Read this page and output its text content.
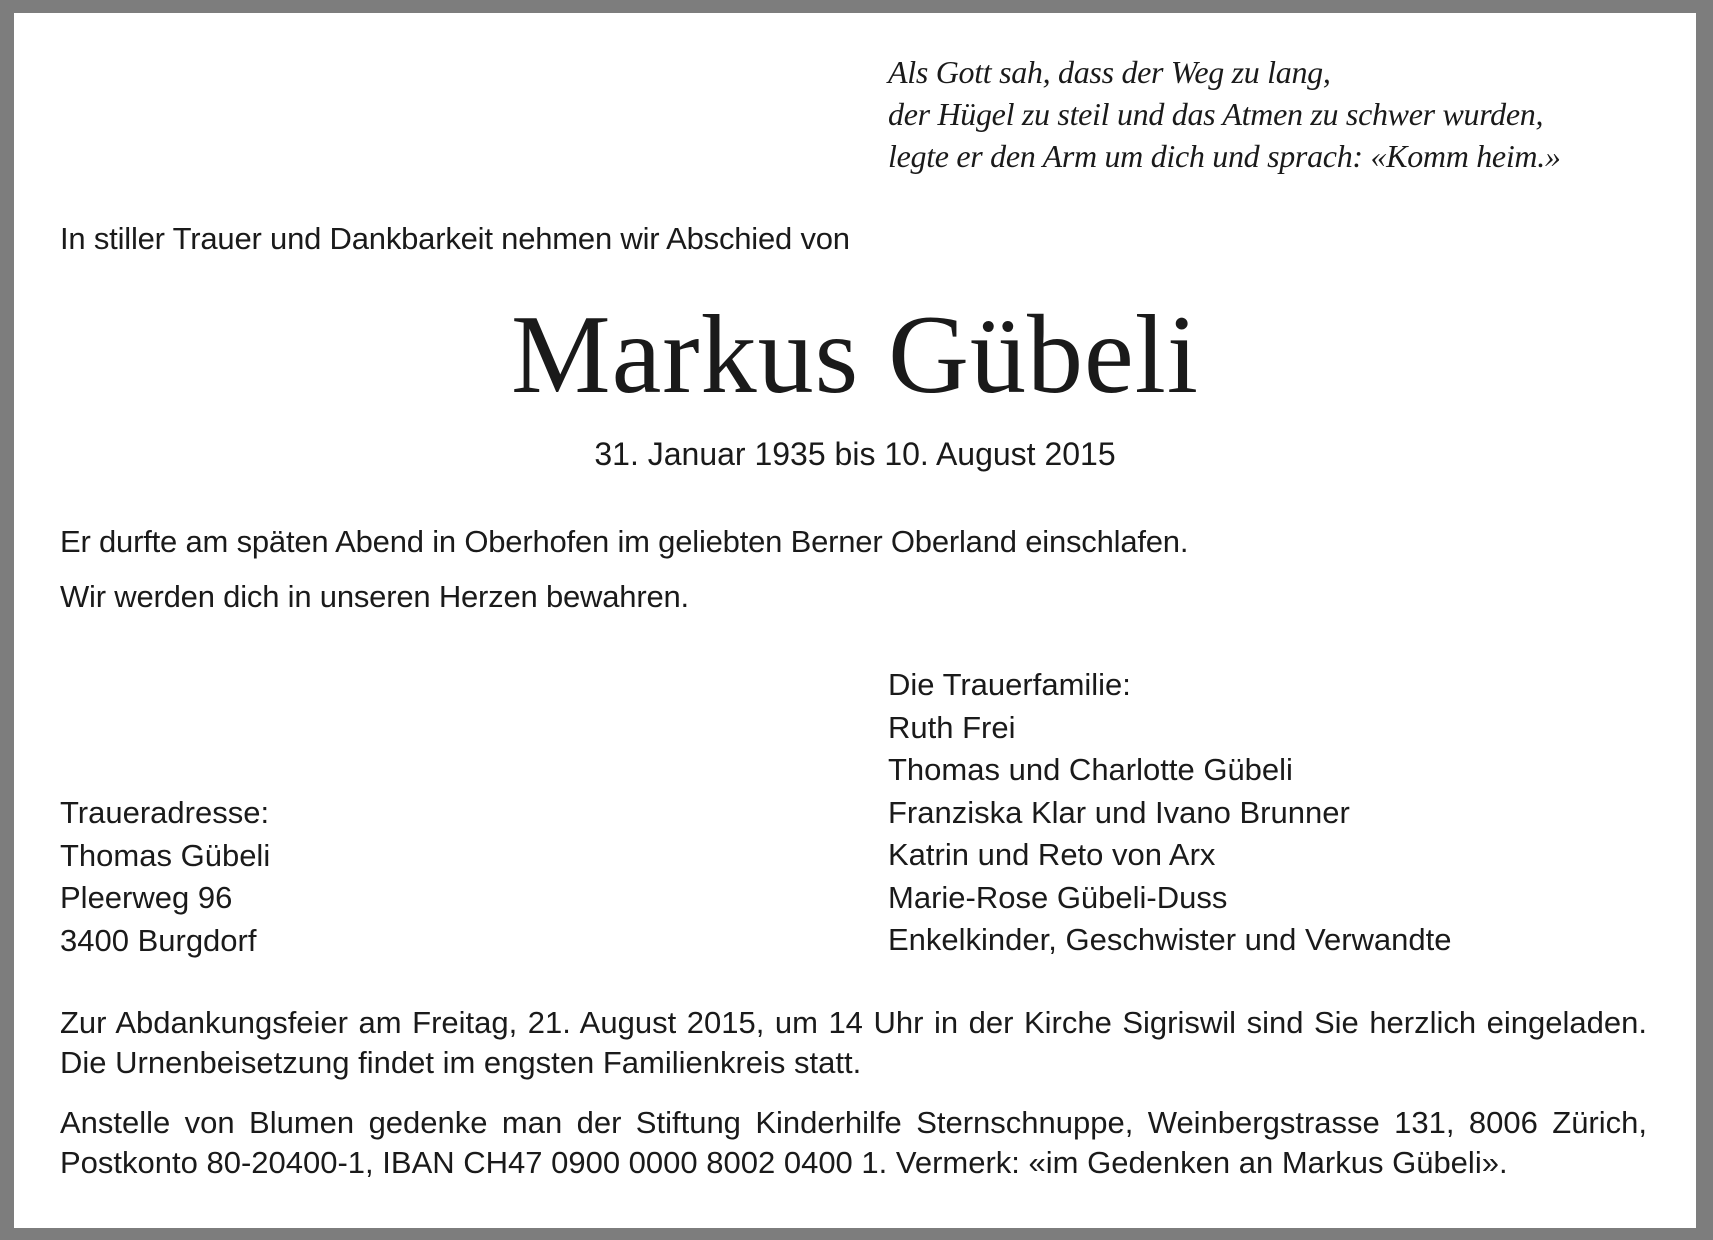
Als Gott sah, dass der Weg zu lang,
der Hügel zu steil und das Atmen zu schwer wurden,
legte er den Arm um dich und sprach: «Komm heim.»

In stiller Trauer und Dankbarkeit nehmen wir Abschied von

Markus Gübeli
31. Januar 1935 bis 10. August 2015

Er durfte am späten Abend in Oberhofen im geliebten Berner Oberland einschlafen.

Wir werden dich in unseren Herzen bewahren.

Die Trauerfamilie:
Ruth Frei
Thomas und Charlotte Gübeli
Franziska Klar und Ivano Brunner
Katrin und Reto von Arx
Marie-Rose Gübeli-Duss
Enkelkinder, Geschwister und Verwandte
Traueradresse:
Thomas Gübeli
Pleerweg 96
3400 Burgdorf
Zur Abdankungsfeier am Freitag, 21. August 2015, um 14 Uhr in der Kirche Sigriswil sind Sie herzlich eingeladen. Die Urnenbeisetzung findet im engsten Familienkreis statt.
Anstelle von Blumen gedenke man der Stiftung Kinderhilfe Sternschnuppe, Weinbergstrasse 131, 8006 Zürich, Postkonto 80-20400-1, IBAN CH47 0900 0000 8002 0400 1. Vermerk: «im Gedenken an Markus Gübeli».
